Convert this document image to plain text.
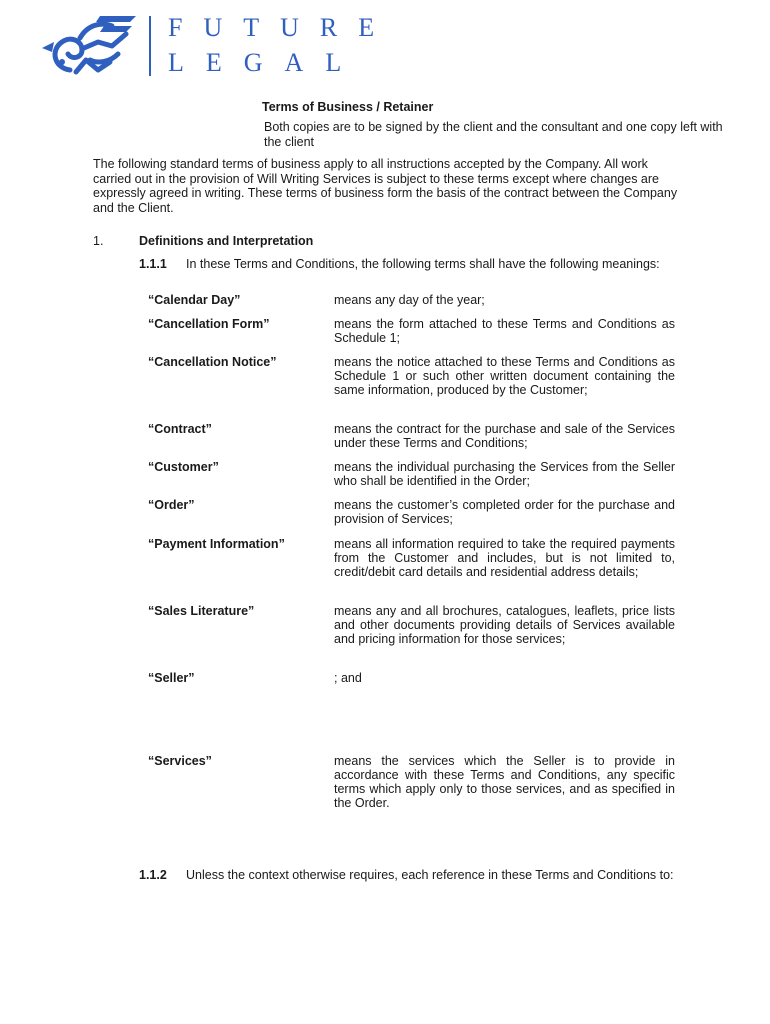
FUTURE
LEGAL
Terms of Business / Retainer
Both copies are to be signed by the client and the consultant and one copy left with the client
The following standard terms of business apply to all instructions accepted by the Company. All work carried out in the provision of Will Writing Services is subject to these terms except where changes are expressly agreed in writing. These terms of business form the basis of the contract between the Company and the Client.
1.	Definitions and Interpretation
1.1.1 In these Terms and Conditions, the following terms shall have the following meanings:
“Calendar Day”	means any day of the year;
“Cancellation Form”	means the form attached to these Terms and Conditions as Schedule 1;
“Cancellation Notice”	means the notice attached to these Terms and Conditions as Schedule 1 or such other written document containing the same information, produced by the Customer;
“Contract”	means the contract for the purchase and sale of the Services under these Terms and Conditions;
“Customer”	means the individual purchasing the Services from the Seller who shall be identified in the Order;
“Order”	means the customer’s completed order for the purchase and provision of Services;
“Payment Information”	means all information required to take the required payments from the Customer and includes, but is not limited to, credit/debit card details and residential address details;
“Sales Literature”	means any and all brochures, catalogues, leaflets, price lists and other documents providing details of Services available and pricing information for those services;
“Seller”	; and
“Services”	means the services which the Seller is to provide in accordance with these Terms and Conditions, any specific terms which apply only to those services, and as specified in the Order.
1.1.2 Unless the context otherwise requires, each reference in these Terms and Conditions to:
